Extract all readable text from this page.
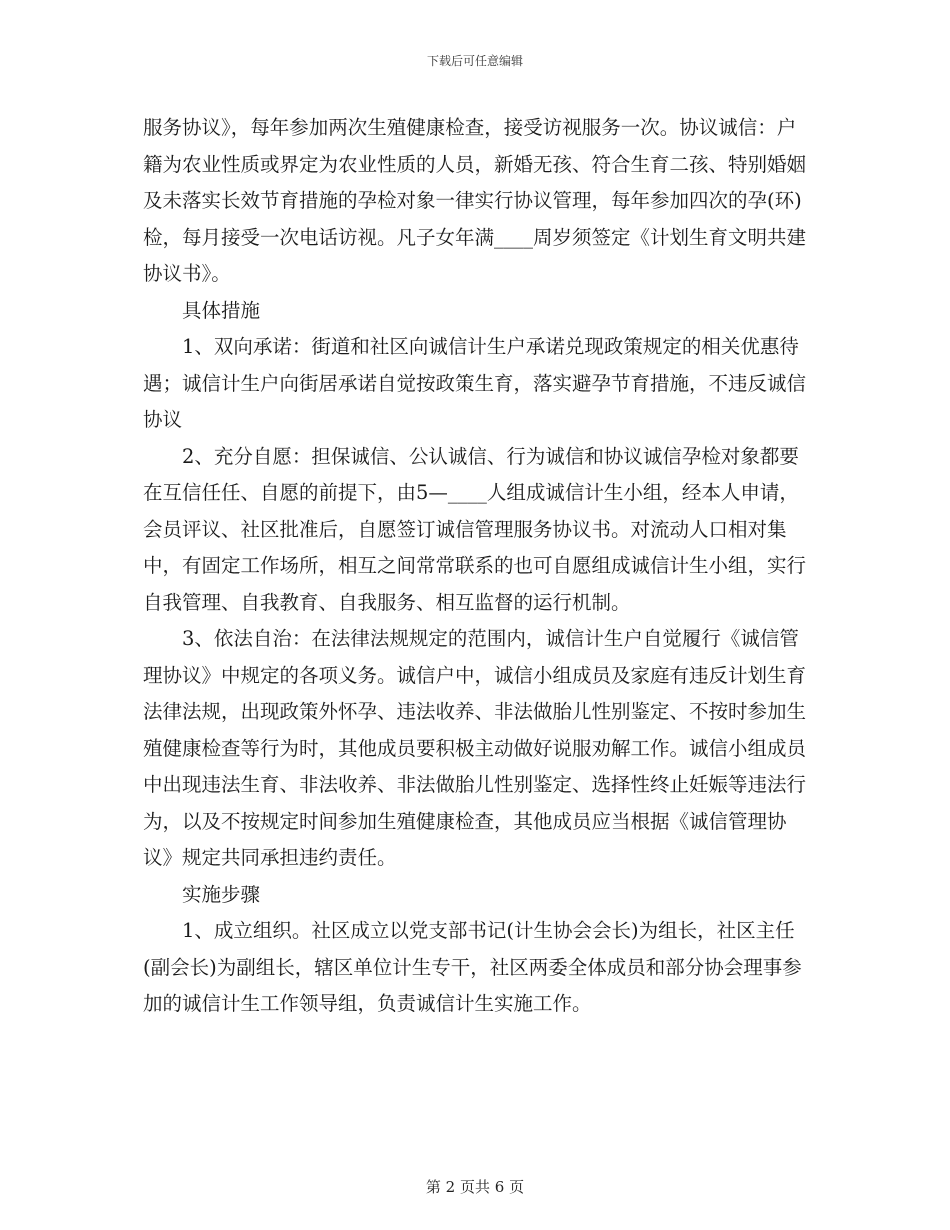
下载后可任意编辑

服务协议》，每年参加两次生殖健康检查，接受访视服务一次。协议诚信：户籍为农业性质或界定为农业性质的人员，新婚无孩、符合生育二孩、特别婚姻及未落实长效节育措施的孕检对象一律实行协议管理，每年参加四次的孕(环)检，每月接受一次电话访视。凡子女年满____周岁须签定《计划生育文明共建协议书》。

具体措施

1、双向承诺：街道和社区向诚信计生户承诺兑现政策规定的相关优惠待遇；诚信计生户向街居承诺自觉按政策生育，落实避孕节育措施，不违反诚信协议

2、充分自愿：担保诚信、公认诚信、行为诚信和协议诚信孕检对象都要在互信任任、自愿的前提下，由5—____人组成诚信计生小组，经本人申请，会员评议、社区批准后，自愿签订诚信管理服务协议书。对流动人口相对集中，有固定工作场所，相互之间常常联系的也可自愿组成诚信计生小组，实行自我管理、自我教育、自我服务、相互监督的运行机制。

3、依法自治：在法律法规规定的范围内，诚信计生户自觉履行《诚信管理协议》中规定的各项义务。诚信户中，诚信小组成员及家庭有违反计划生育法律法规，出现政策外怀孕、违法收养、非法做胎儿性别鉴定、不按时参加生殖健康检查等行为时，其他成员要积极主动做好说服劝解工作。诚信小组成员中出现违法生育、非法收养、非法做胎儿性别鉴定、选择性终止妊娠等违法行为，以及不按规定时间参加生殖健康检查，其他成员应当根据《诚信管理协议》规定共同承担违约责任。

实施步骤

1、成立组织。社区成立以党支部书记(计生协会会长)为组长，社区主任(副会长)为副组长，辖区单位计生专干，社区两委全体成员和部分协会理事参加的诚信计生工作领导组，负责诚信计生实施工作。

第 2 页共 6 页
